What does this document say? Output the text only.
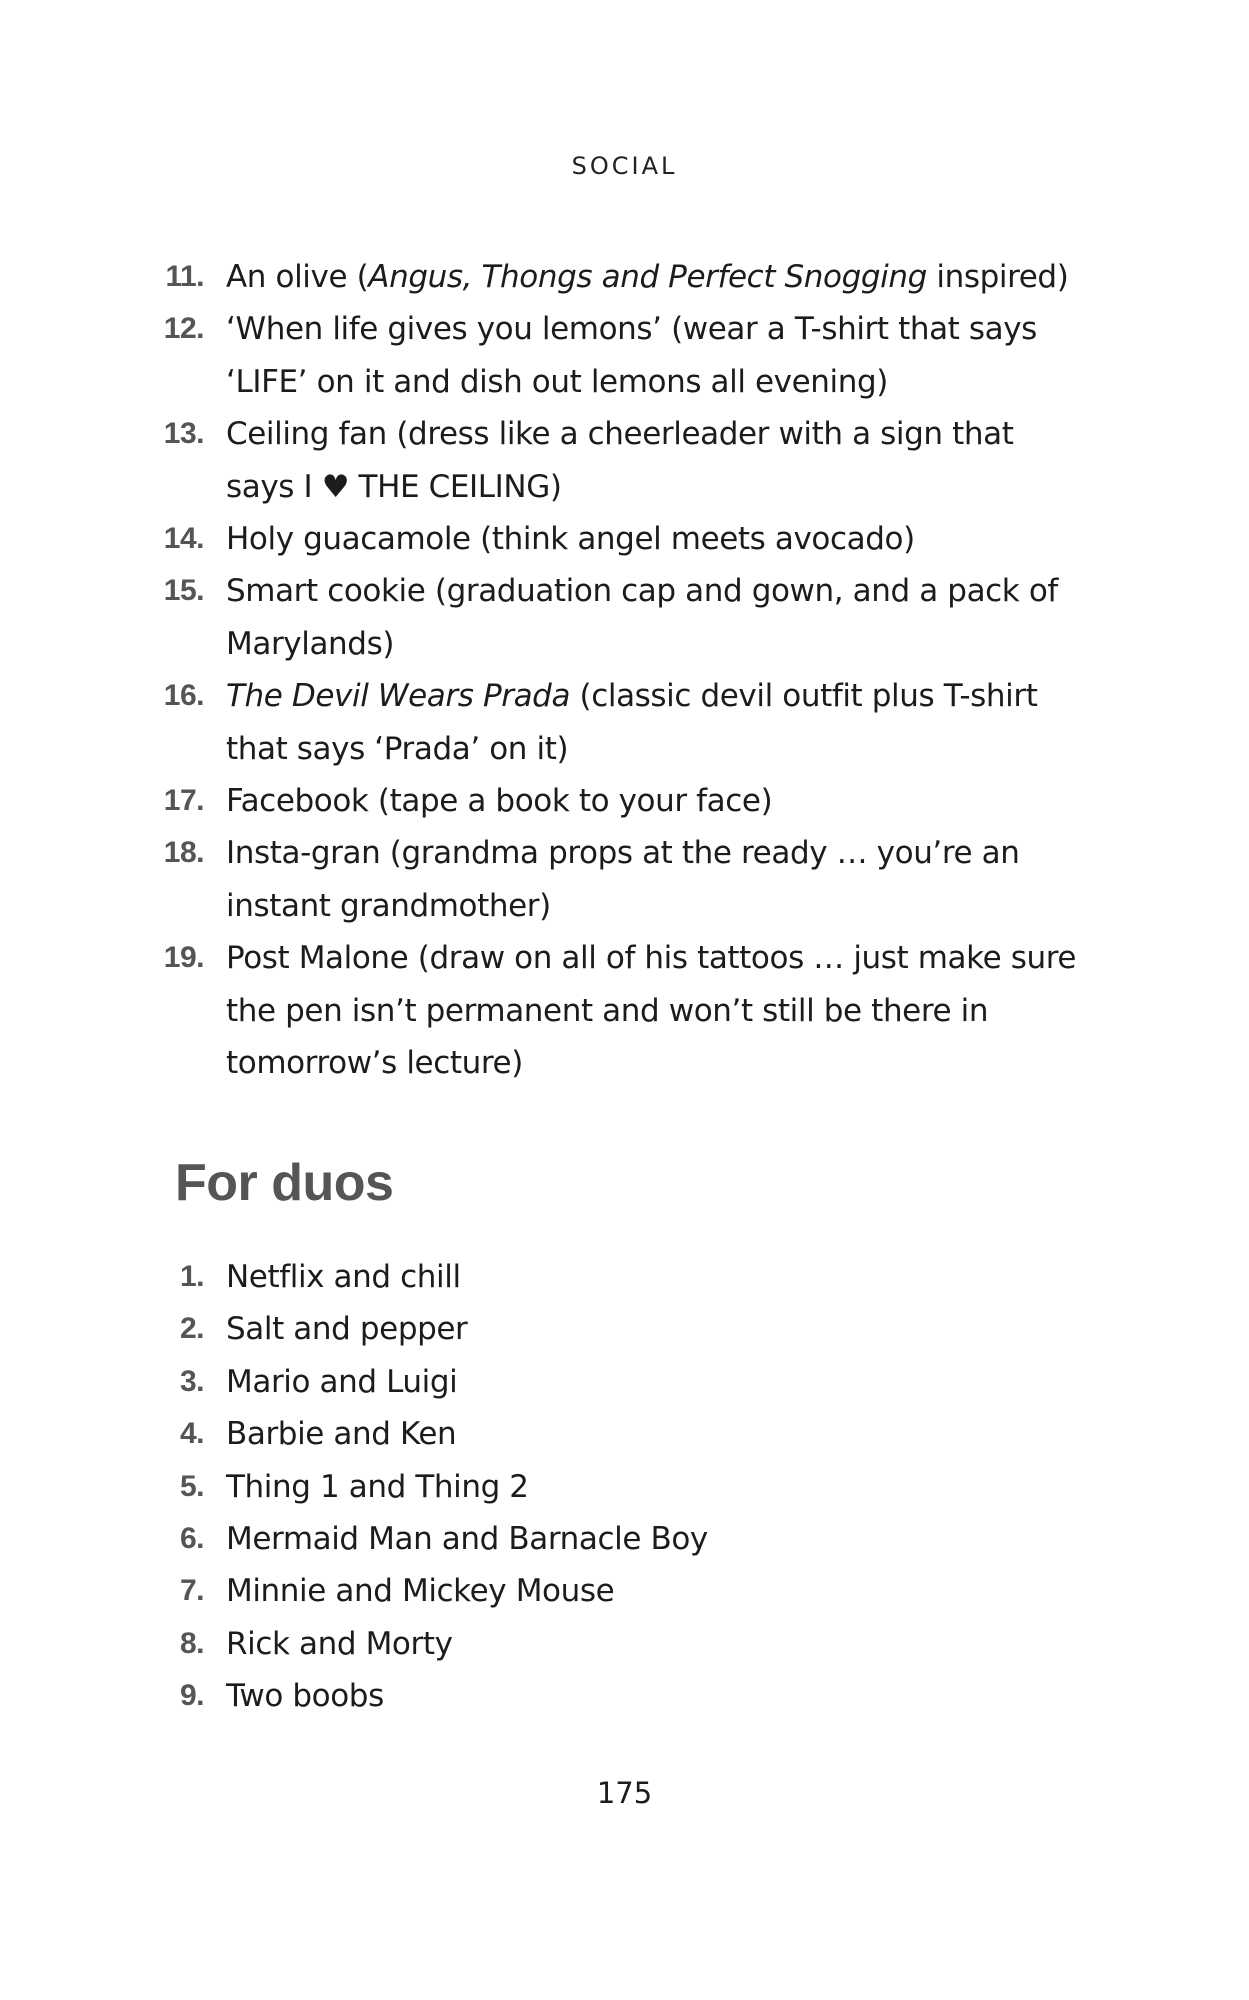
SOCIAL
11. An olive (Angus, Thongs and Perfect Snogging inspired)
12. ‘When life gives you lemons’ (wear a T-shirt that says ‘LIFE’ on it and dish out lemons all evening)
13. Ceiling fan (dress like a cheerleader with a sign that says I ♥ THE CEILING)
14. Holy guacamole (think angel meets avocado)
15. Smart cookie (graduation cap and gown, and a pack of Marylands)
16. The Devil Wears Prada (classic devil outfit plus T-shirt that says ‘Prada’ on it)
17. Facebook (tape a book to your face)
18. Insta-gran (grandma props at the ready … you’re an instant grandmother)
19. Post Malone (draw on all of his tattoos … just make sure the pen isn’t permanent and won’t still be there in tomorrow’s lecture)
For duos
1. Netflix and chill
2. Salt and pepper
3. Mario and Luigi
4. Barbie and Ken
5. Thing 1 and Thing 2
6. Mermaid Man and Barnacle Boy
7. Minnie and Mickey Mouse
8. Rick and Morty
9. Two boobs
175
